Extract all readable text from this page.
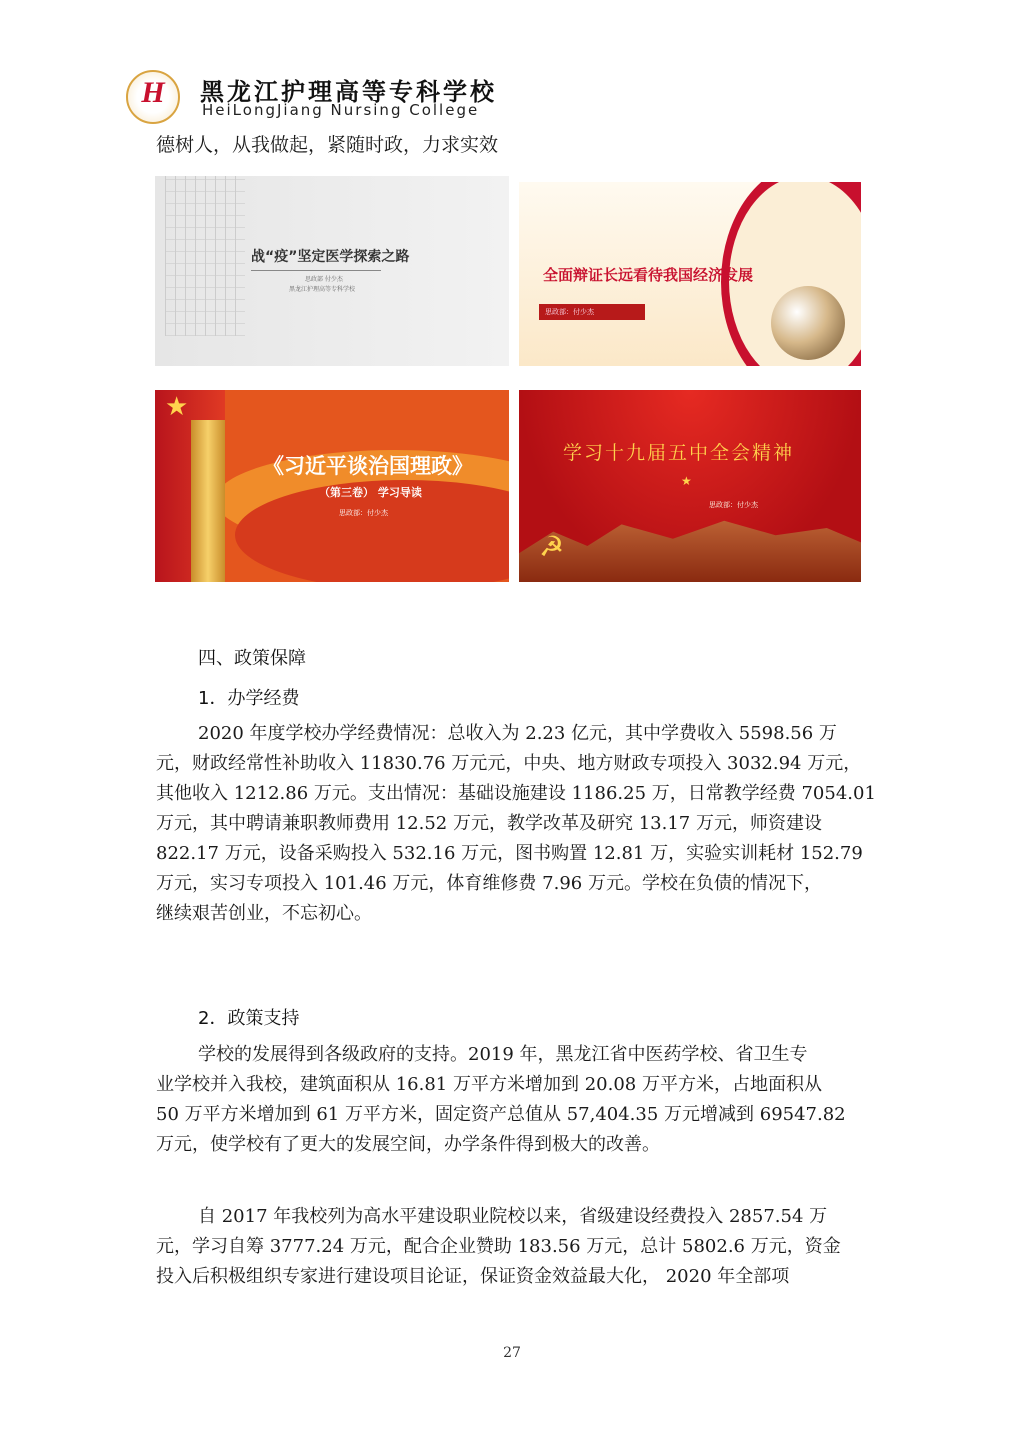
H	黑龙江护理高等专科学校
HeiLongJiang Nursing College
德树人，从我做起，紧随时政，力求实效
战“疫”坚定医学探索之路
思政部 付少杰
黑龙江护理高等专科学校
全面辩证长远看待我国经济发展
思政部：付少杰
★
《习近平谈治国理政》
（第三卷） 学习导读
思政部：付少杰
学习十九届五中全会精神
★
思政部：付少杰
☭
四、政策保障
1．办学经费
2020 年度学校办学经费情况：总收入为 2.23 亿元，其中学费收入 5598.56 万
元，财政经常性补助收入 11830.76 万元元，中央、地方财政专项投入 3032.94 万元，
其他收入 1212.86 万元。支出情况：基础设施建设 1186.25 万，日常教学经费 7054.01
万元，其中聘请兼职教师费用 12.52 万元，教学改革及研究 13.17 万元，师资建设
822.17 万元，设备采购投入 532.16 万元，图书购置 12.81 万，实验实训耗材 152.79
万元，实习专项投入 101.46 万元，体育维修费 7.96 万元。学校在负债的情况下，
继续艰苦创业，不忘初心。
2．政策支持
学校的发展得到各级政府的支持。2019 年，黑龙江省中医药学校、省卫生专
业学校并入我校，建筑面积从 16.81 万平方米增加到 20.08 万平方米，占地面积从
50 万平方米增加到 61 万平方米，固定资产总值从 57,404.35 万元增减到 69547.82
万元，使学校有了更大的发展空间，办学条件得到极大的改善。
自 2017 年我校列为高水平建设职业院校以来，省级建设经费投入 2857.54 万
元，学习自筹 3777.24 万元，配合企业赞助 183.56 万元，总计 5802.6 万元，资金
投入后积极组织专家进行建设项目论证，保证资金效益最大化， 2020 年全部项
27
